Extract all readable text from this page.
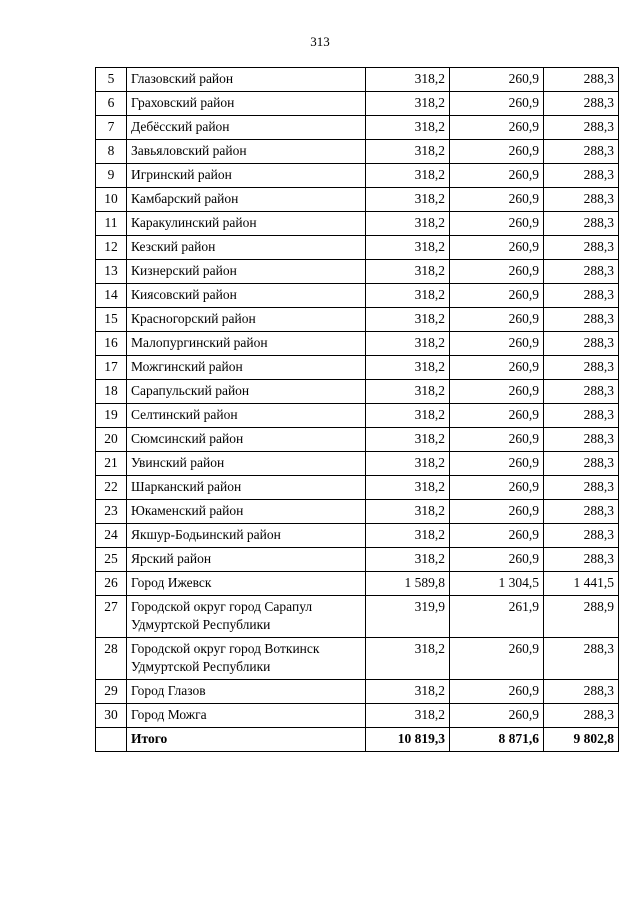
313
5	Глазовский район	318,2	260,9	288,3
6	Граховский район	318,2	260,9	288,3
7	Дебёсский район	318,2	260,9	288,3
8	Завьяловский район	318,2	260,9	288,3
9	Игринский район	318,2	260,9	288,3
10	Камбарский район	318,2	260,9	288,3
11	Каракулинский район	318,2	260,9	288,3
12	Кезский район	318,2	260,9	288,3
13	Кизнерский район	318,2	260,9	288,3
14	Киясовский район	318,2	260,9	288,3
15	Красногорский район	318,2	260,9	288,3
16	Малопургинский район	318,2	260,9	288,3
17	Можгинский район	318,2	260,9	288,3
18	Сарапульский район	318,2	260,9	288,3
19	Селтинский район	318,2	260,9	288,3
20	Сюмсинский район	318,2	260,9	288,3
21	Увинский район	318,2	260,9	288,3
22	Шарканский район	318,2	260,9	288,3
23	Юкаменский район	318,2	260,9	288,3
24	Якшур-Бодьинский район	318,2	260,9	288,3
25	Ярский район	318,2	260,9	288,3
26	Город Ижевск	1 589,8	1 304,5	1 441,5
27	Городской округ город Сарапул Удмуртской Республики	319,9	261,9	288,9
28	Городской округ город Воткинск Удмуртской Республики	318,2	260,9	288,3
29	Город Глазов	318,2	260,9	288,3
30	Город Можга	318,2	260,9	288,3
	Итого	10 819,3	8 871,6	9 802,8
